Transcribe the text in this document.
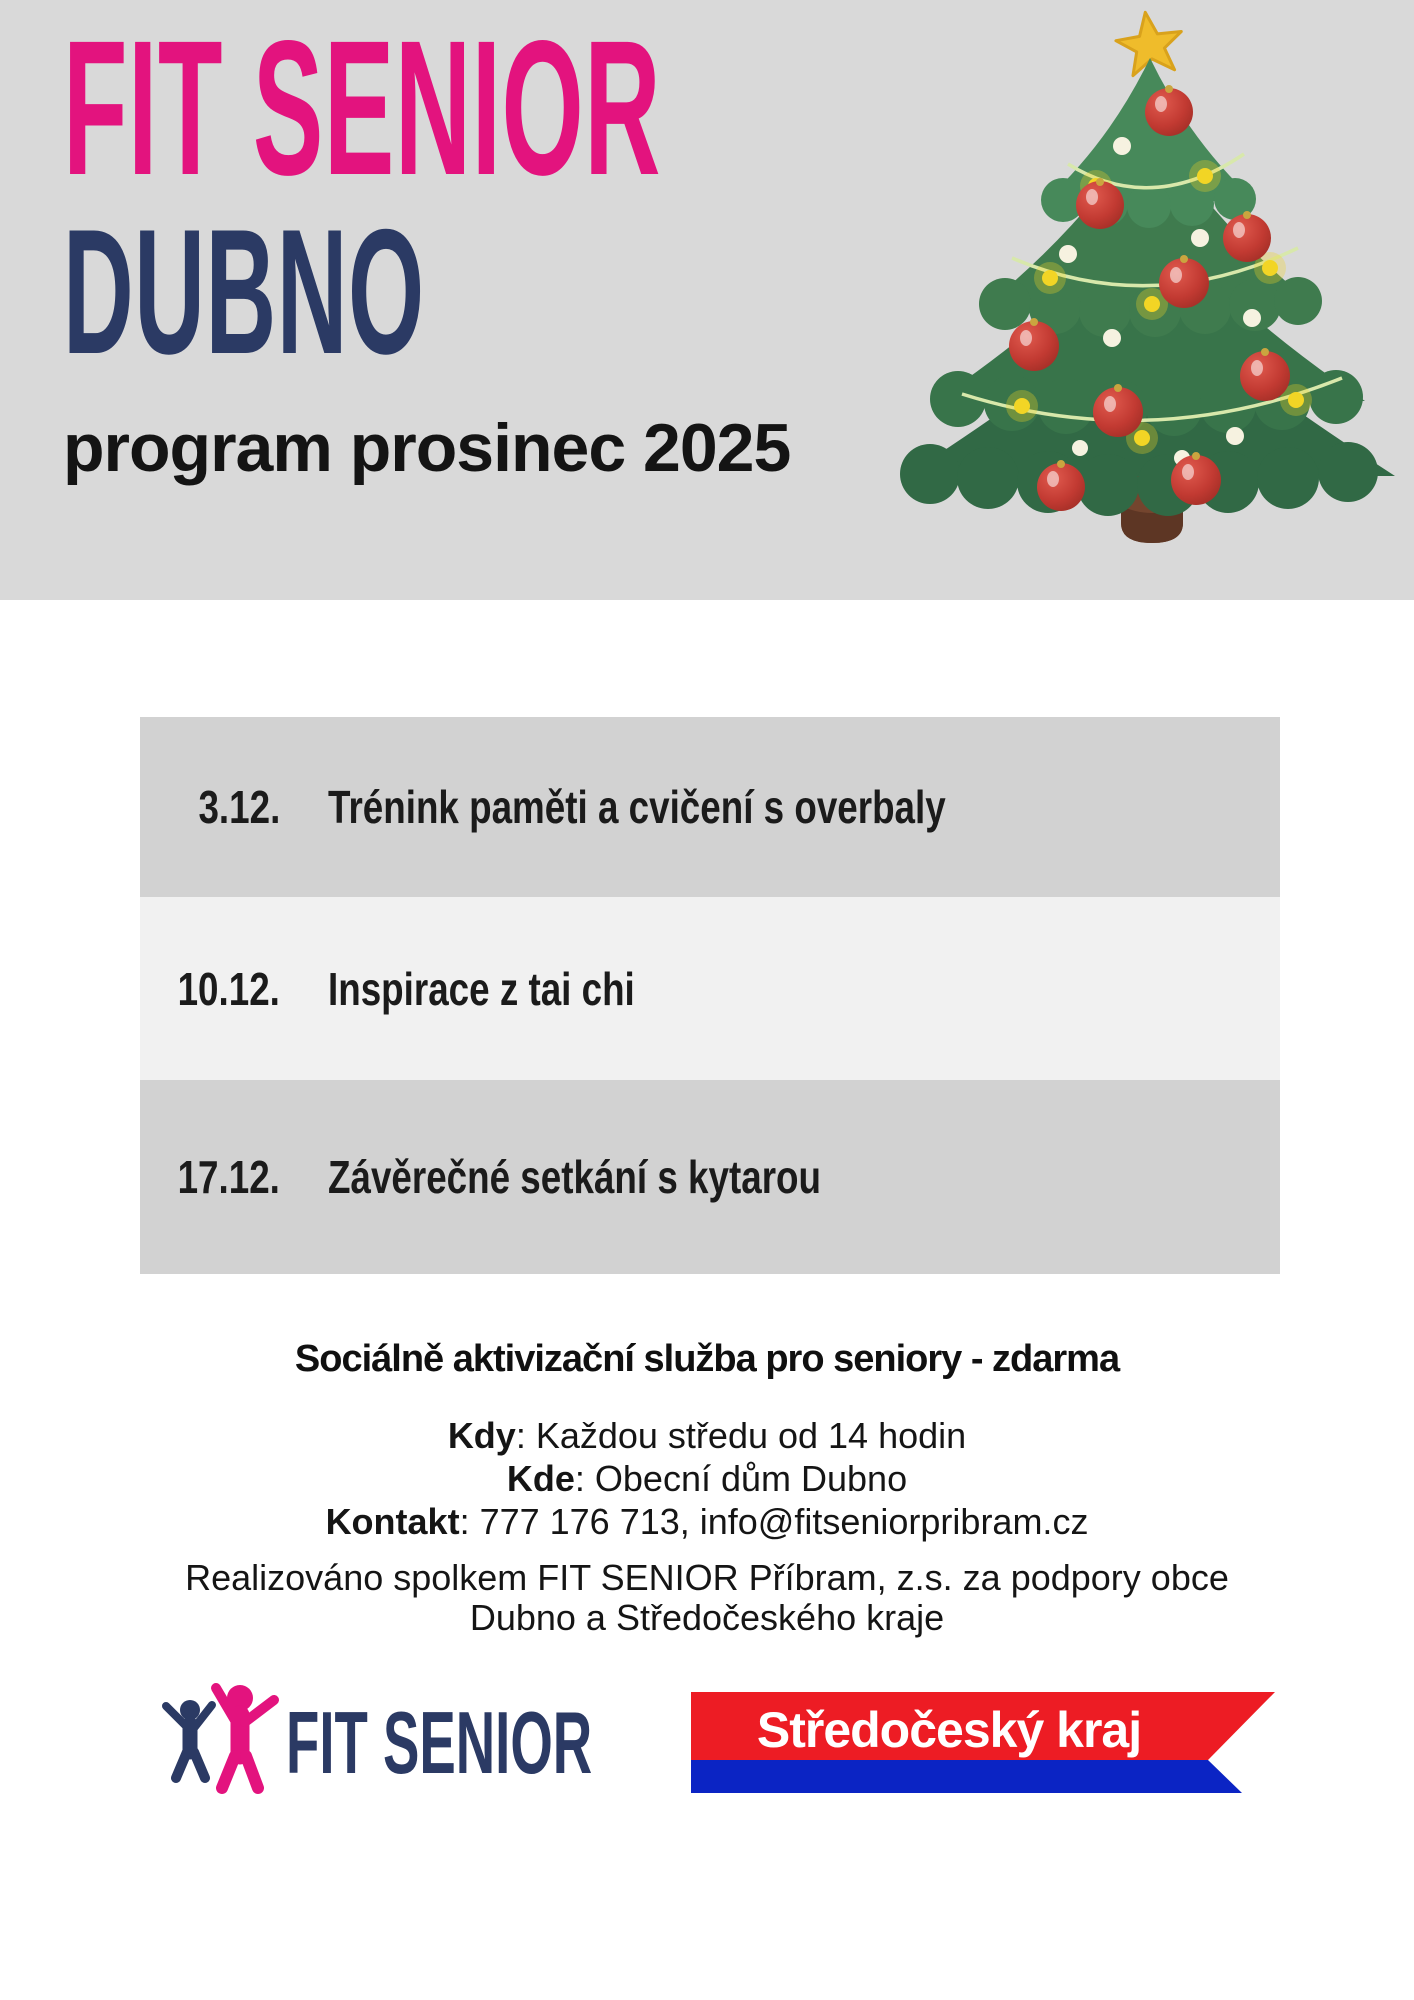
FIT SENIOR
DUBNO
program prosinec 2025
3.12. Trénink paměti a cvičení s overbaly
10.12. Inspirace z tai chi
17.12. Závěrečné setkání s kytarou
Sociálně aktivizační služba pro seniory - zdarma
Kdy: Každou středu od 14 hodin
Kde: Obecní dům Dubno
Kontakt: 777 176 713, info@fitseniorpribram.cz
Realizováno spolkem FIT SENIOR Příbram, z.s. za podpory obce
Dubno a Středočeského kraje
FIT SENIOR	Středočeský kraj
